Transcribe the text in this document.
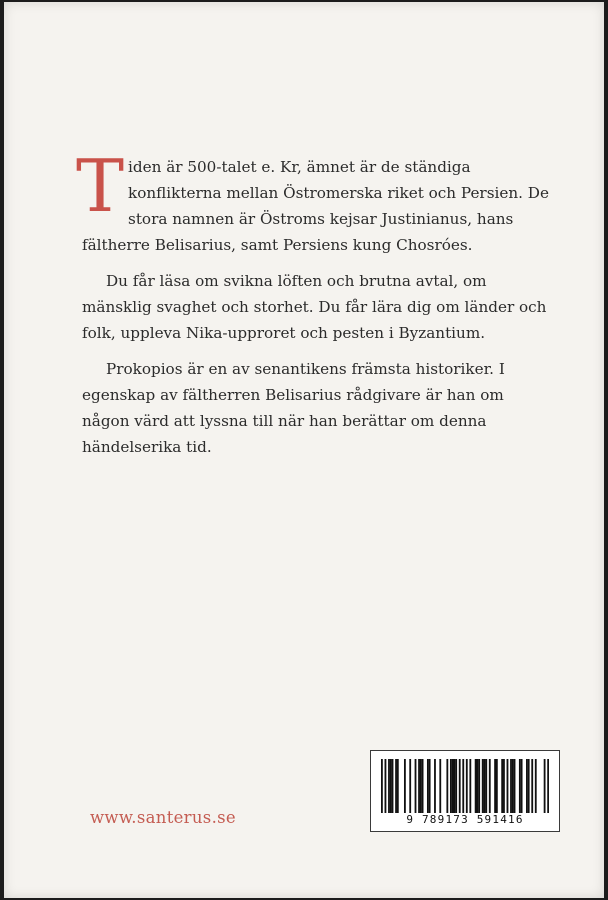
Tiden är 500-talet e. Kr, ämnet är de ständiga konflikterna mellan Östromerska riket och Persien. De stora namnen är Östroms kejsar Justinianus, hans fältherre Belisarius, samt Persiens kung Chosróes.

Du får läsa om svikna löften och brutna avtal, om mänsklig svaghet och storhet. Du får lära dig om länder och folk, uppleva Nika-upproret och pesten i Byzantium.

Prokopios är en av senantikens främsta historiker. I egenskap av fältherren Belisarius rådgivare är han om någon värd att lyssna till när han berättar om denna händelserika tid.

www.santerus.se	9 789173 591416
